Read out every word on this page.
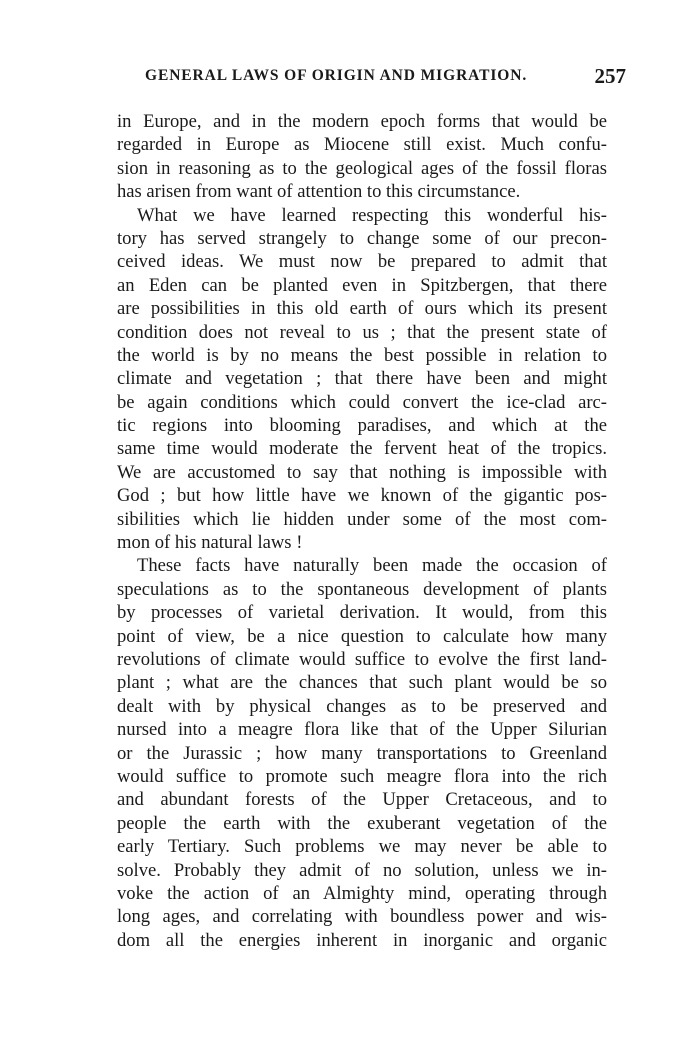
GENERAL LAWS OF ORIGIN AND MIGRATION.	257
in Europe, and in the modern epoch forms that would be
regarded in Europe as Miocene still exist. Much confu-
sion in reasoning as to the geological ages of the fossil floras
has arisen from want of attention to this circumstance.
What we have learned respecting this wonderful his-
tory has served strangely to change some of our precon-
ceived ideas. We must now be prepared to admit that
an Eden can be planted even in Spitzbergen, that there
are possibilities in this old earth of ours which its present
condition does not reveal to us ; that the present state of
the world is by no means the best possible in relation to
climate and vegetation ; that there have been and might
be again conditions which could convert the ice-clad arc-
tic regions into blooming paradises, and which at the
same time would moderate the fervent heat of the tropics.
We are accustomed to say that nothing is impossible with
God ; but how little have we known of the gigantic pos-
sibilities which lie hidden under some of the most com-
mon of his natural laws !
These facts have naturally been made the occasion of
speculations as to the spontaneous development of plants
by processes of varietal derivation. It would, from this
point of view, be a nice question to calculate how many
revolutions of climate would suffice to evolve the first land-
plant ; what are the chances that such plant would be so
dealt with by physical changes as to be preserved and
nursed into a meagre flora like that of the Upper Silurian
or the Jurassic ; how many transportations to Greenland
would suffice to promote such meagre flora into the rich
and abundant forests of the Upper Cretaceous, and to
people the earth with the exuberant vegetation of the
early Tertiary. Such problems we may never be able to
solve. Probably they admit of no solution, unless we in-
voke the action of an Almighty mind, operating through
long ages, and correlating with boundless power and wis-
dom all the energies inherent in inorganic and organic
